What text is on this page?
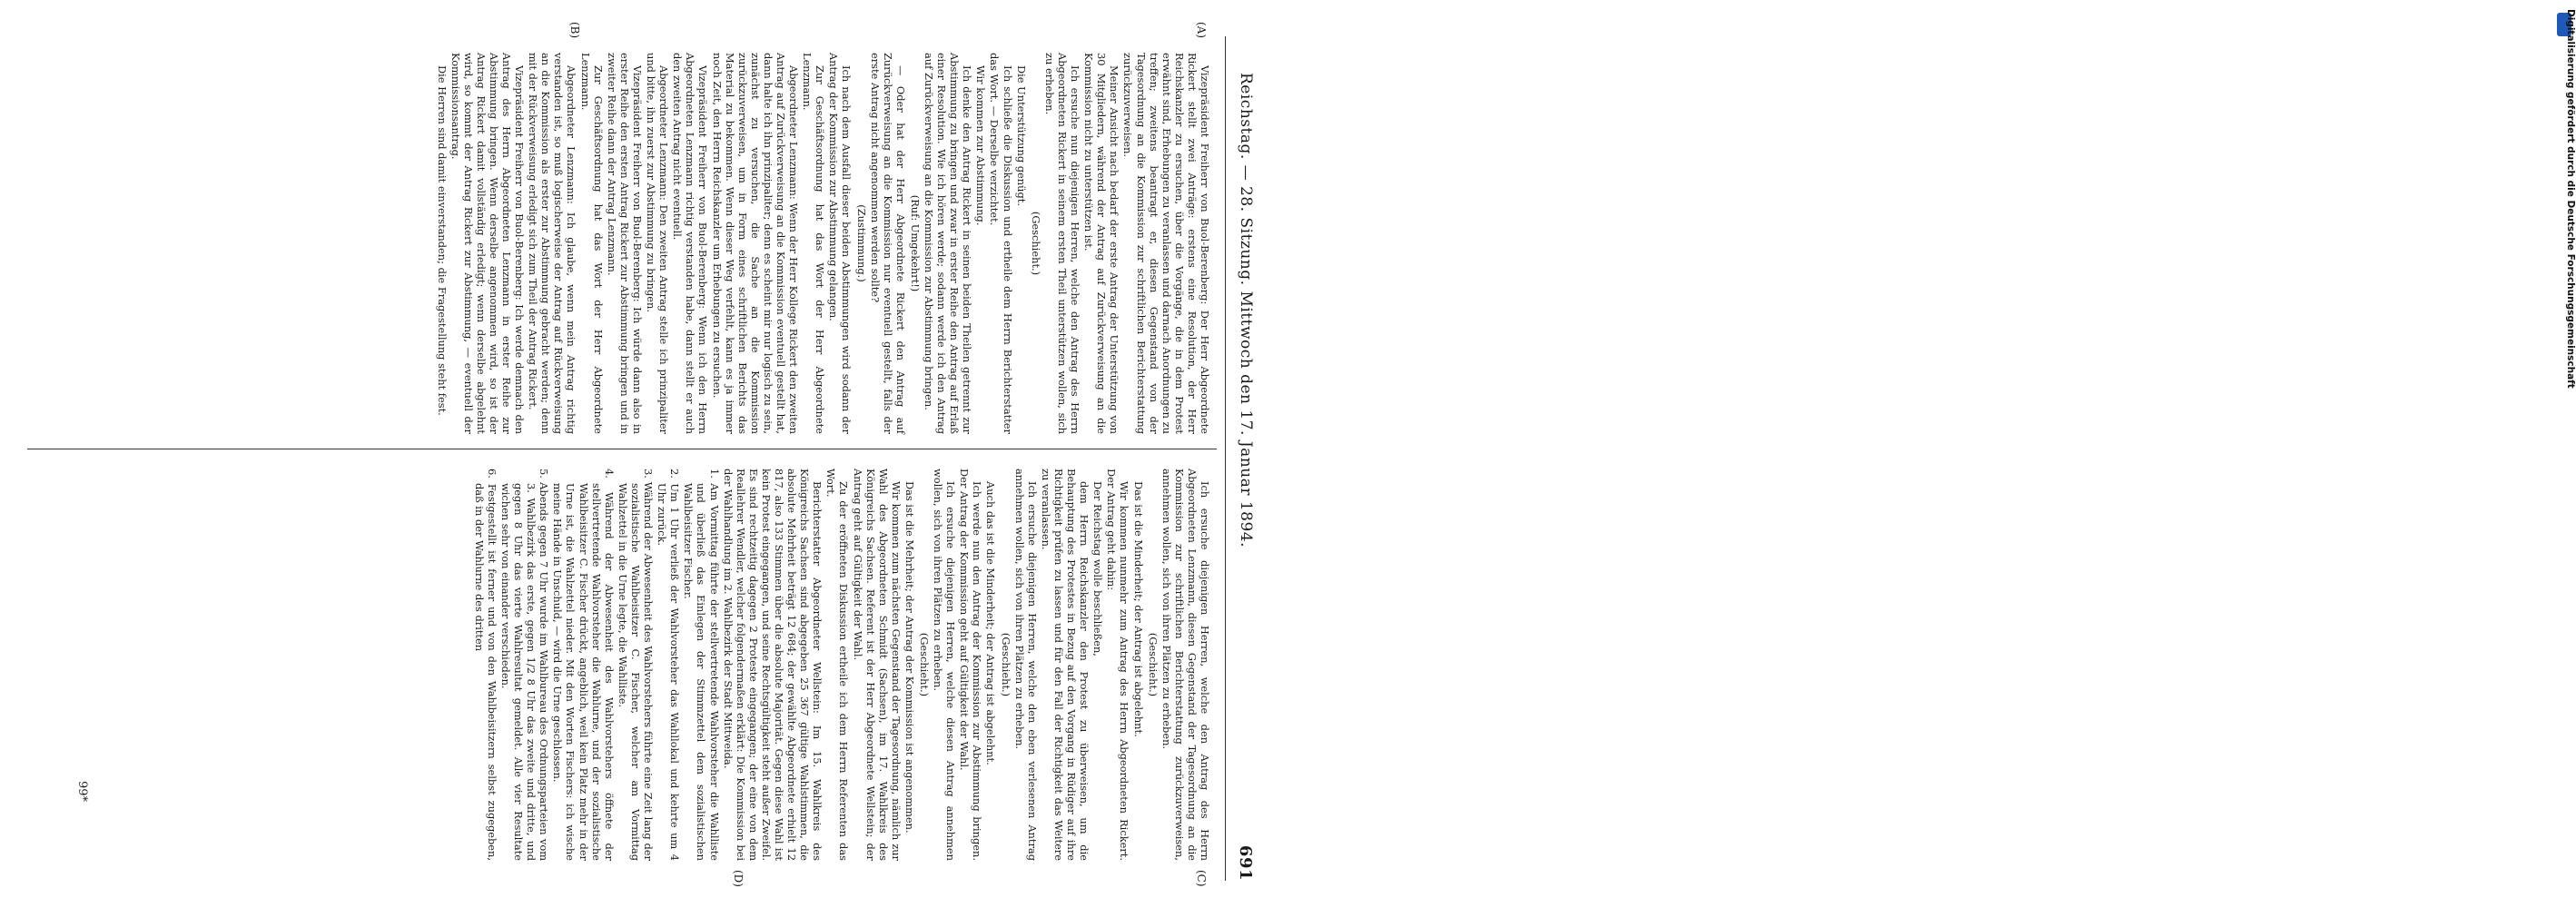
Reichstag. — 28. Sitzung. Mittwoch den 17. Januar 1894.
691
(A)
(B)
(C)
(D)

Vizepräsident Freiherr von Buol-Berenberg: Der Herr Abgeordnete Rickert stellt zwei Anträge: erstens eine Resolution, der Herr Reichskanzler zu ersuchen, über die Vorgänge, die in dem Protest erwähnt sind, Erhebungen zu veranlassen und darnach Anordnungen zu treffen; zweitens beantragt er, diesen Gegenstand von der Tagesordnung an die Kommission zur schriftlichen Berichterstattung zurückzuverweisen.

Meiner Ansicht nach bedarf der erste Antrag der Unterstützung von 30 Mitgliedern, während der Antrag auf Zurückverweisung an die Kommission nicht zu unterstützen ist.

Ich ersuche nun diejenigen Herren, welche den Antrag des Herrn Abgeordneten Rickert in seinem ersten Theil unterstützen wollen, sich zu erheben.

(Geschieht.)

Die Unterstützung genügt.

Ich schließe die Diskussion und ertheile dem Herrn Berichterstatter das Wort. — Derselbe verzichtet.

Wir kommen zur Abstimmung.

Ich denke den Antrag Rickert in seinen beiden Theilen getrennt zur Abstimmung zu bringen und zwar in erster Reihe den Antrag auf Erlaß einer Resolution. Wie ich hören werde; sodann werde ich den Antrag auf Zurückverweisung an die Kommission zur Abstimmung bringen.

(Ruf: Umgekehrt!)

— Oder hat der Herr Abgeordnete Rickert den Antrag auf Zurückverweisung an die Kommission nur eventuell gestellt, falls der erste Antrag nicht angenommen werden sollte?

(Zustimmung.)

Ich nach dem Ausfall dieser beiden Abstimmungen wird sodann der Antrag der Kommission zur Abstimmung gelangen.

Zur Geschäftsordnung hat das Wort der Herr Abgeordnete Lenzmann.

Abgeordneter Lenzmann: Wenn der Herr Kollege Rickert den zweiten Antrag auf Zurückverweisung an die Kommission eventuell gestellt hat, dann halte ich ihn prinzipaliter; denn es scheint mir nur logisch zu sein, zunächst zu versuchen, die Sache an die Kommission zurückzuverweisen, um in Form eines schriftlichen Berichts das Material zu bekommen. Wenn dieser Weg verfehlt, kann es ja immer noch Zeit, den Herrn Reichskanzler um Erhebungen zu ersuchen.

Vizepräsident Freiherr von Buol-Berenberg: Wenn ich den Herrn Abgeordneten Lenzmann richtig verstanden habe, dann stellt er auch den zweiten Antrag nicht eventuell.

Abgeordneter Lenzmann: Den zweiten Antrag stelle ich prinzipaliter und bitte, ihn zuerst zur Abstimmung zu bringen.

Vizepräsident Freiherr von Buol-Berenberg: Ich würde dann also in erster Reihe den ersten Antrag Rickert zur Abstimmung bringen und in zweiter Reihe dann der Antrag Lenzmann.

Zur Geschäftsordnung hat das Wort der Herr Abgeordnete Lenzmann.

Abgeordneter Lenzmann: Ich glaube, wenn mein Antrag richtig verstanden ist, so muß logischerweise der Antrag auf Rückverweisung an die Kommission als erster zur Abstimmung gebracht werden; denn mit der Rückverweisung erledigt sich zum Theil der Antrag Rickert.

Vizepräsident Freiherr von Buol-Berenberg: Ich werde demnach den Antrag des Herrn Abgeordneten Lenzmann in erster Reihe zur Abstimmung bringen. Wenn derselbe angenommen wird, so ist der Antrag Rickert damit vollständig erledigt; wenn derselbe abgelehnt wird, so kommt der Antrag Rickert zur Abstimmung, — eventuell der Kommissionsantrag.

Die Herren sind damit einverstanden; die Fragestellung steht fest.

Ich ersuche diejenigen Herren, welche den Antrag des Herrn Abgeordneten Lenzmann, diesen Gegenstand der Tagesordnung an die Kommission zur schriftlichen Berichterstattung zurückzuverweisen, annehmen wollen, sich von ihren Plätzen zu erheben.

(Geschieht.)

Das ist die Minderheit; der Antrag ist abgelehnt.

Wir kommen nunmehr zum Antrag des Herrn Abgeordneten Rickert. Der Antrag geht dahin:

Der Reichstag wolle beschließen,

dem Herrn Reichskanzler den Protest zu überweisen, um die Behauptung des Protestes in Bezug auf den Vorgang in Rüdiger auf ihre Richtigkeit prüfen zu lassen und für den Fall der Richtigkeit das Weitere zu veranlassen.

Ich ersuche diejenigen Herren, welche den eben verlesenen Antrag annehmen wollen, sich von ihren Plätzen zu erheben.

(Geschieht.)

Auch das ist die Minderheit; der Antrag ist abgelehnt.

Ich werde nun den Antrag der Kommission zur Abstimmung bringen. Der Antrag der Kommission geht auf Gültigkeit der Wahl.

Ich ersuche diejenigen Herren, welche diesen Antrag annehmen wollen, sich von ihren Plätzen zu erheben.

(Geschieht.)

Das ist die Mehrheit; der Antrag der Kommission ist angenommen.

Wir kommen zum nächsten Gegenstand der Tagesordnung, nämlich zur Wahl des Abgeordneten Schmidt (Sachsen), im 17. Wahlkreis des Königreichs Sachsen. Referent ist der Herr Abgeordnete Wellstein; der Antrag geht auf Gültigkeit der Wahl.

Zu der eröffneten Diskussion ertheile ich dem Herrn Referenten das Wort.

Berichterstatter Abgeordneter Wellstein: Im 15. Wahlkreis des Königreichs Sachsen sind abgegeben 25 367 gültige Wahlstimmen, die absolute Mehrheit beträgt 12 684; der gewählte Abgeordnete erhielt 12 817, also 133 Stimmen über die absolute Majorität. Gegen diese Wahl ist kein Protest eingegangen, und seine Rechtsgültigkeit steht außer Zweifel. Es sind rechtzeitig dagegen 2 Proteste eingegangen; der eine von dem Reallehrer Wendler, welcher folgendermaßen erklärt: Die Kommission bei der Wahlhandlung im 2. Wahlbezirk der Stadt Mittweida.

1. Am Vormittag führte der stellvertretende Wahlvorsteher die Wahlliste und überließ das Einlegen der Stimmzettel dem sozialistischen Wahlbeisitzer Fischer.

2. Um 1 Uhr verließ der Wahlvorsteher das Wahllokal und kehrte um 4 Uhr zurück.

3. Während der Abwesenheit des Wahlvorstehers führte eine Zeit lang der sozialistische Wahlbeisitzer C. Fischer, welcher am Vormittag Wahlzettel in die Urne legte, die Wahlliste.

4. Während der Abwesenheit des Wahlvorstehers öffnete der stellvertretende Wahlvorsteher die Wahlurne, und der sozialistische Wahlbeisitzer C. Fischer drückt, angeblich, weil kein Platz mehr in der Urne ist, die Wahlzettel nieder. Mit den Worten Fischers: ich wische meine Hände in Unschuld, — wird die Urne geschlossen.

5. Abends gegen 7 Uhr wurde im Wahlbureau des Ordnungsparteien vom 3. Wahlbezirk das erste, gegen 1/2 8 Uhr das zweite und dritte, und gegen 8 Uhr das vierte Wahlresultat gemeldet. Alle vier Resultate wichen sehr von einander verschieden.

6. Festgestellt ist ferner und von den Wahlbeisitzern selbst zugegeben, daß in der Wahlurne des dritten

99*
Digitalisierung gefördert durch die Deutsche Forschungsgemeinschaft
